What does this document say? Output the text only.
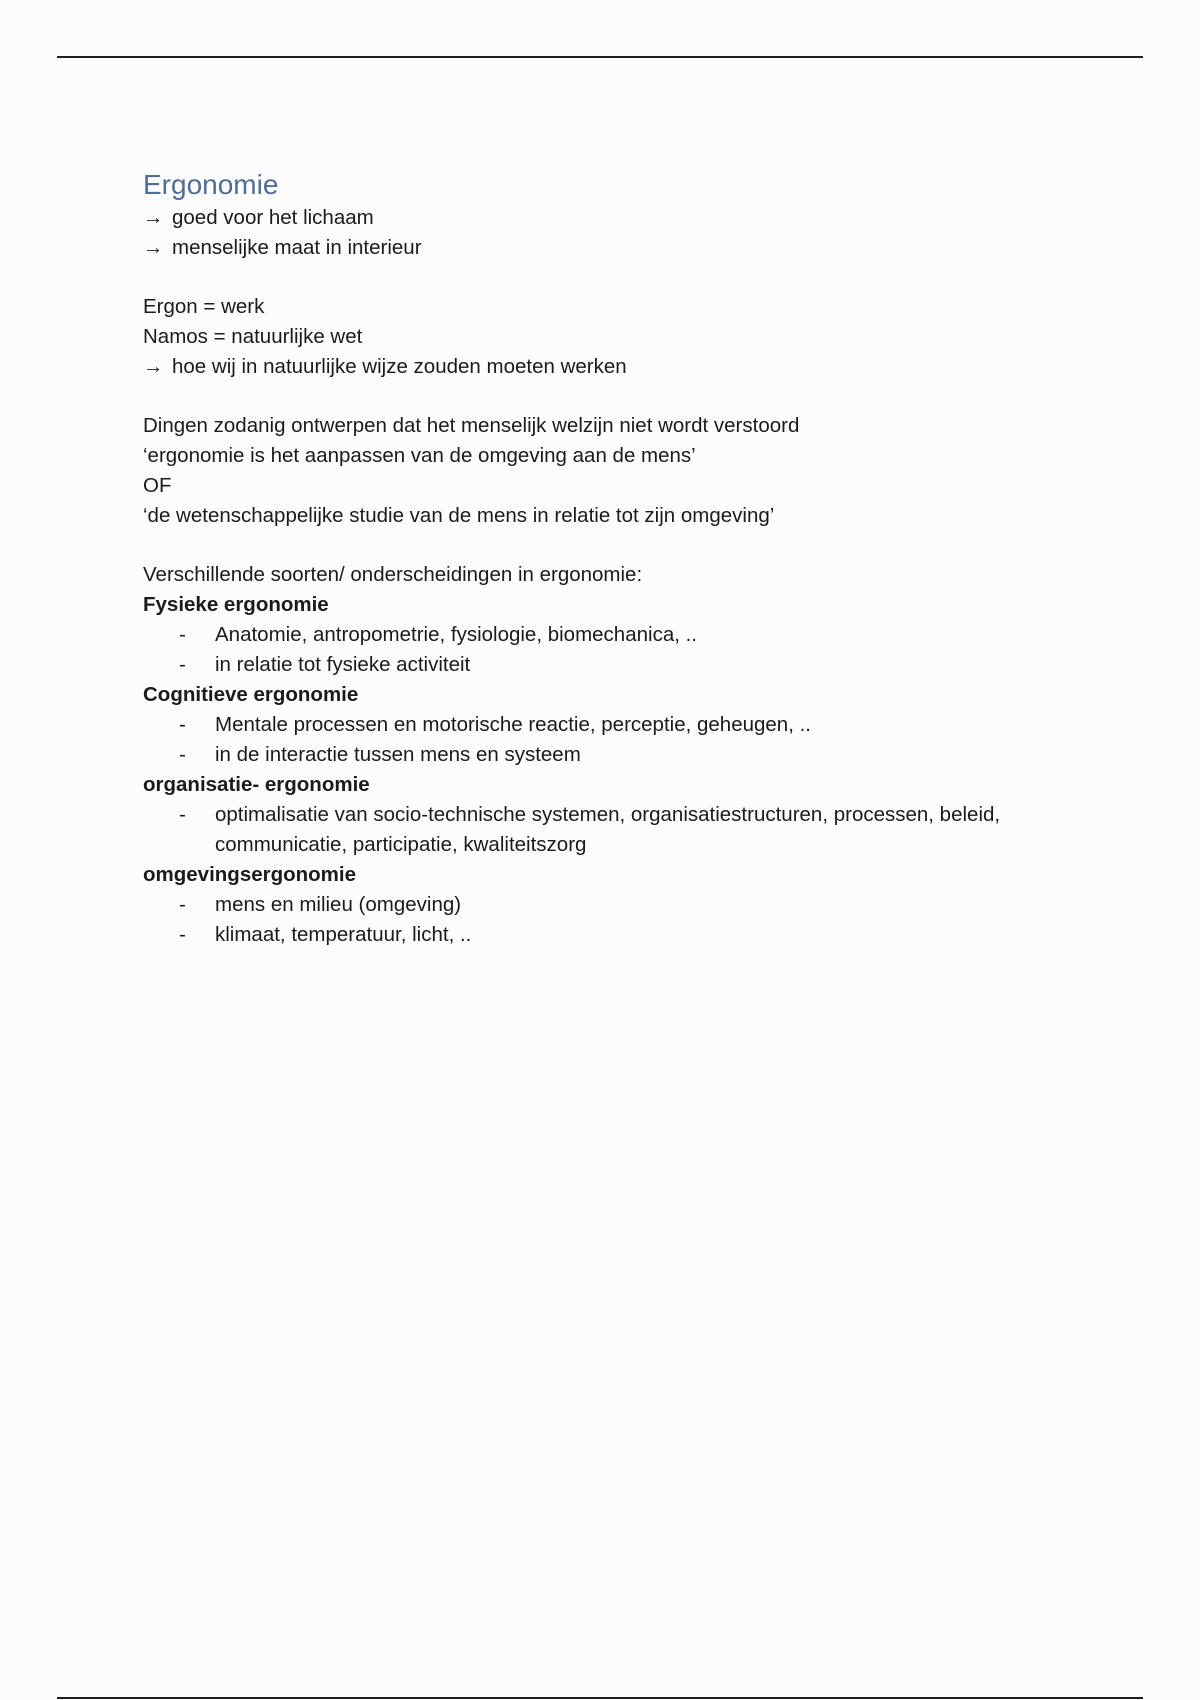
Ergonomie
→ goed voor het lichaam
→ menselijke maat in interieur
Ergon = werk
Namos = natuurlijke wet
→ hoe wij in natuurlijke wijze zouden moeten werken
Dingen zodanig ontwerpen dat het menselijk welzijn niet wordt verstoord
‘ergonomie is het aanpassen van de omgeving aan de mens’
OF
‘de wetenschappelijke studie van de mens in relatie tot zijn omgeving’
Verschillende soorten/ onderscheidingen in ergonomie:
Fysieke ergonomie
- Anatomie, antropometrie, fysiologie, biomechanica, ..
- in relatie tot fysieke activiteit
Cognitieve ergonomie
- Mentale processen en motorische reactie, perceptie, geheugen, ..
- in de interactie tussen mens en systeem
organisatie- ergonomie
- optimalisatie van socio-technische systemen, organisatiestructuren, processen, beleid, communicatie, participatie, kwaliteitszorg
omgevingsergonomie
- mens en milieu (omgeving)
- klimaat, temperatuur, licht, ..
